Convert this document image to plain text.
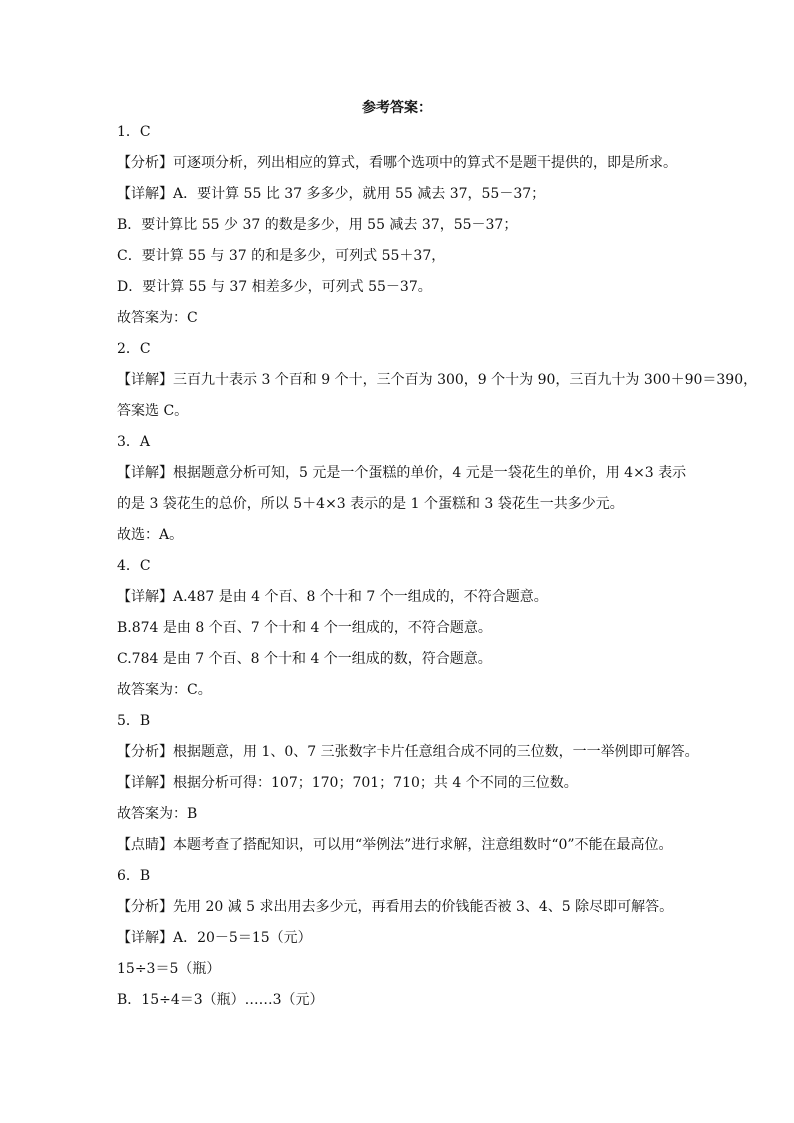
参考答案：
1．C
【分析】可逐项分析，列出相应的算式，看哪个选项中的算式不是题干提供的，即是所求。
【详解】A．要计算 55 比 37 多多少，就用 55 减去 37，55－37；
B．要计算比 55 少 37 的数是多少，用 55 减去 37，55－37；
C．要计算 55 与 37 的和是多少，可列式 55＋37，
D．要计算 55 与 37 相差多少，可列式 55－37。
故答案为：C
2．C
【详解】三百九十表示 3 个百和 9 个十，三个百为 300，9 个十为 90，三百九十为 300＋90＝390，
答案选 C。
3．A
【详解】根据题意分析可知，5 元是一个蛋糕的单价，4 元是一袋花生的单价，用 4×3 表示
的是 3 袋花生的总价，所以 5＋4×3 表示的是 1 个蛋糕和 3 袋花生一共多少元。
故选：A。
4．C
【详解】A.487 是由 4 个百、8 个十和 7 个一组成的，不符合题意。
B.874 是由 8 个百、7 个十和 4 个一组成的，不符合题意。
C.784 是由 7 个百、8 个十和 4 个一组成的数，符合题意。
故答案为：C。
5．B
【分析】根据题意，用 1、0、7 三张数字卡片任意组合成不同的三位数，一一举例即可解答。
【详解】根据分析可得：107；170；701；710；共 4 个不同的三位数。
故答案为：B
【点睛】本题考查了搭配知识，可以用“举例法”进行求解，注意组数时“0”不能在最高位。
6．B
【分析】先用 20 减 5 求出用去多少元，再看用去的价钱能否被 3、4、5 除尽即可解答。
【详解】A．20－5＝15（元）
15÷3＝5（瓶）
B．15÷4＝3（瓶）……3（元）
